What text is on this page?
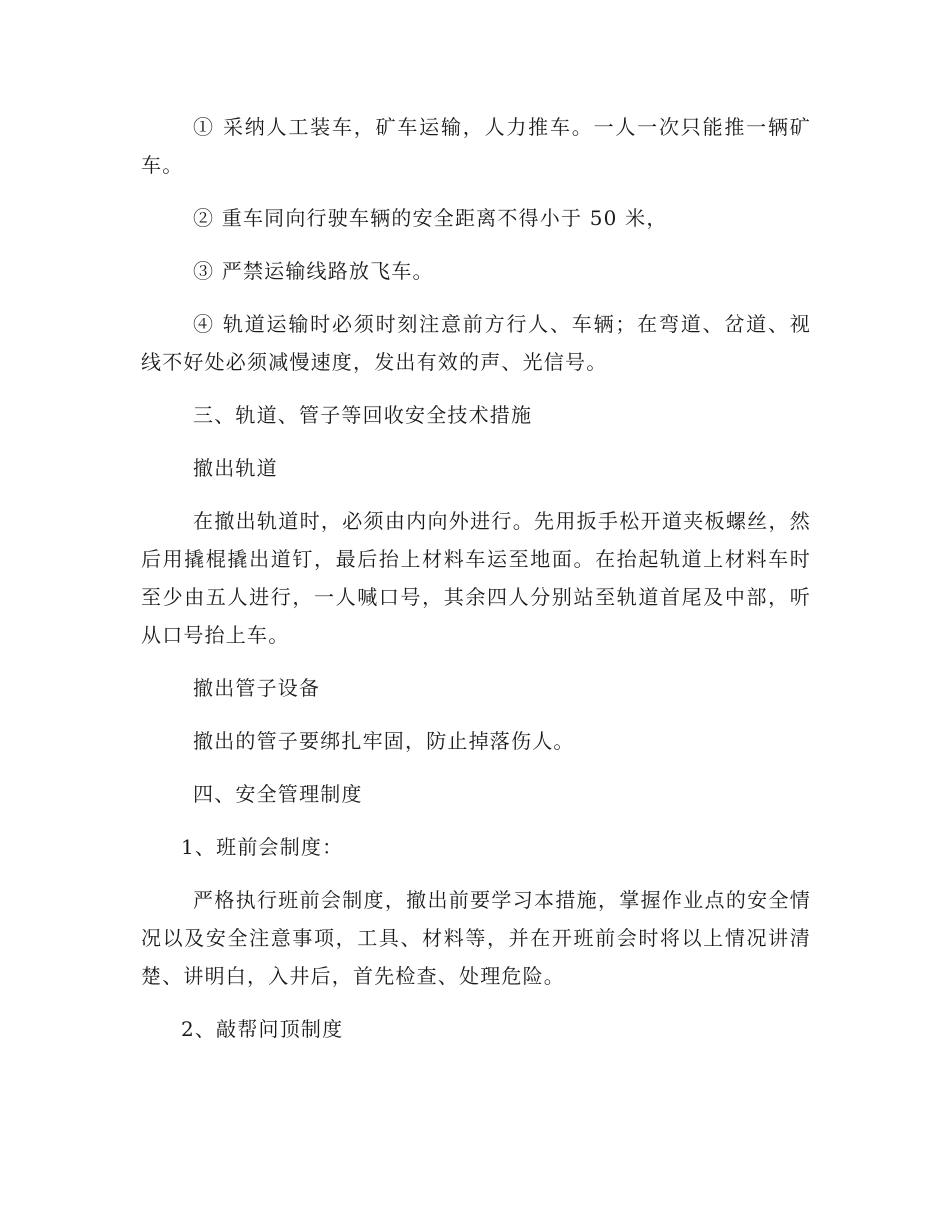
① 采纳人工装车，矿车运输，人力推车。一人一次只能推一辆矿车。

② 重车同向行驶车辆的安全距离不得小于 50 米，

③ 严禁运输线路放飞车。

④ 轨道运输时必须时刻注意前方行人、车辆；在弯道、岔道、视线不好处必须减慢速度，发出有效的声、光信号。

三、轨道、管子等回收安全技术措施

撤出轨道

在撤出轨道时，必须由内向外进行。先用扳手松开道夹板螺丝，然后用撬棍撬出道钉，最后抬上材料车运至地面。在抬起轨道上材料车时至少由五人进行，一人喊口号，其余四人分别站至轨道首尾及中部，听从口号抬上车。

撤出管子设备

撤出的管子要绑扎牢固，防止掉落伤人。

四、安全管理制度

1、班前会制度：

严格执行班前会制度，撤出前要学习本措施，掌握作业点的安全情况以及安全注意事项，工具、材料等，并在开班前会时将以上情况讲清楚、讲明白，入井后，首先检查、处理危险。

2、敲帮问顶制度
